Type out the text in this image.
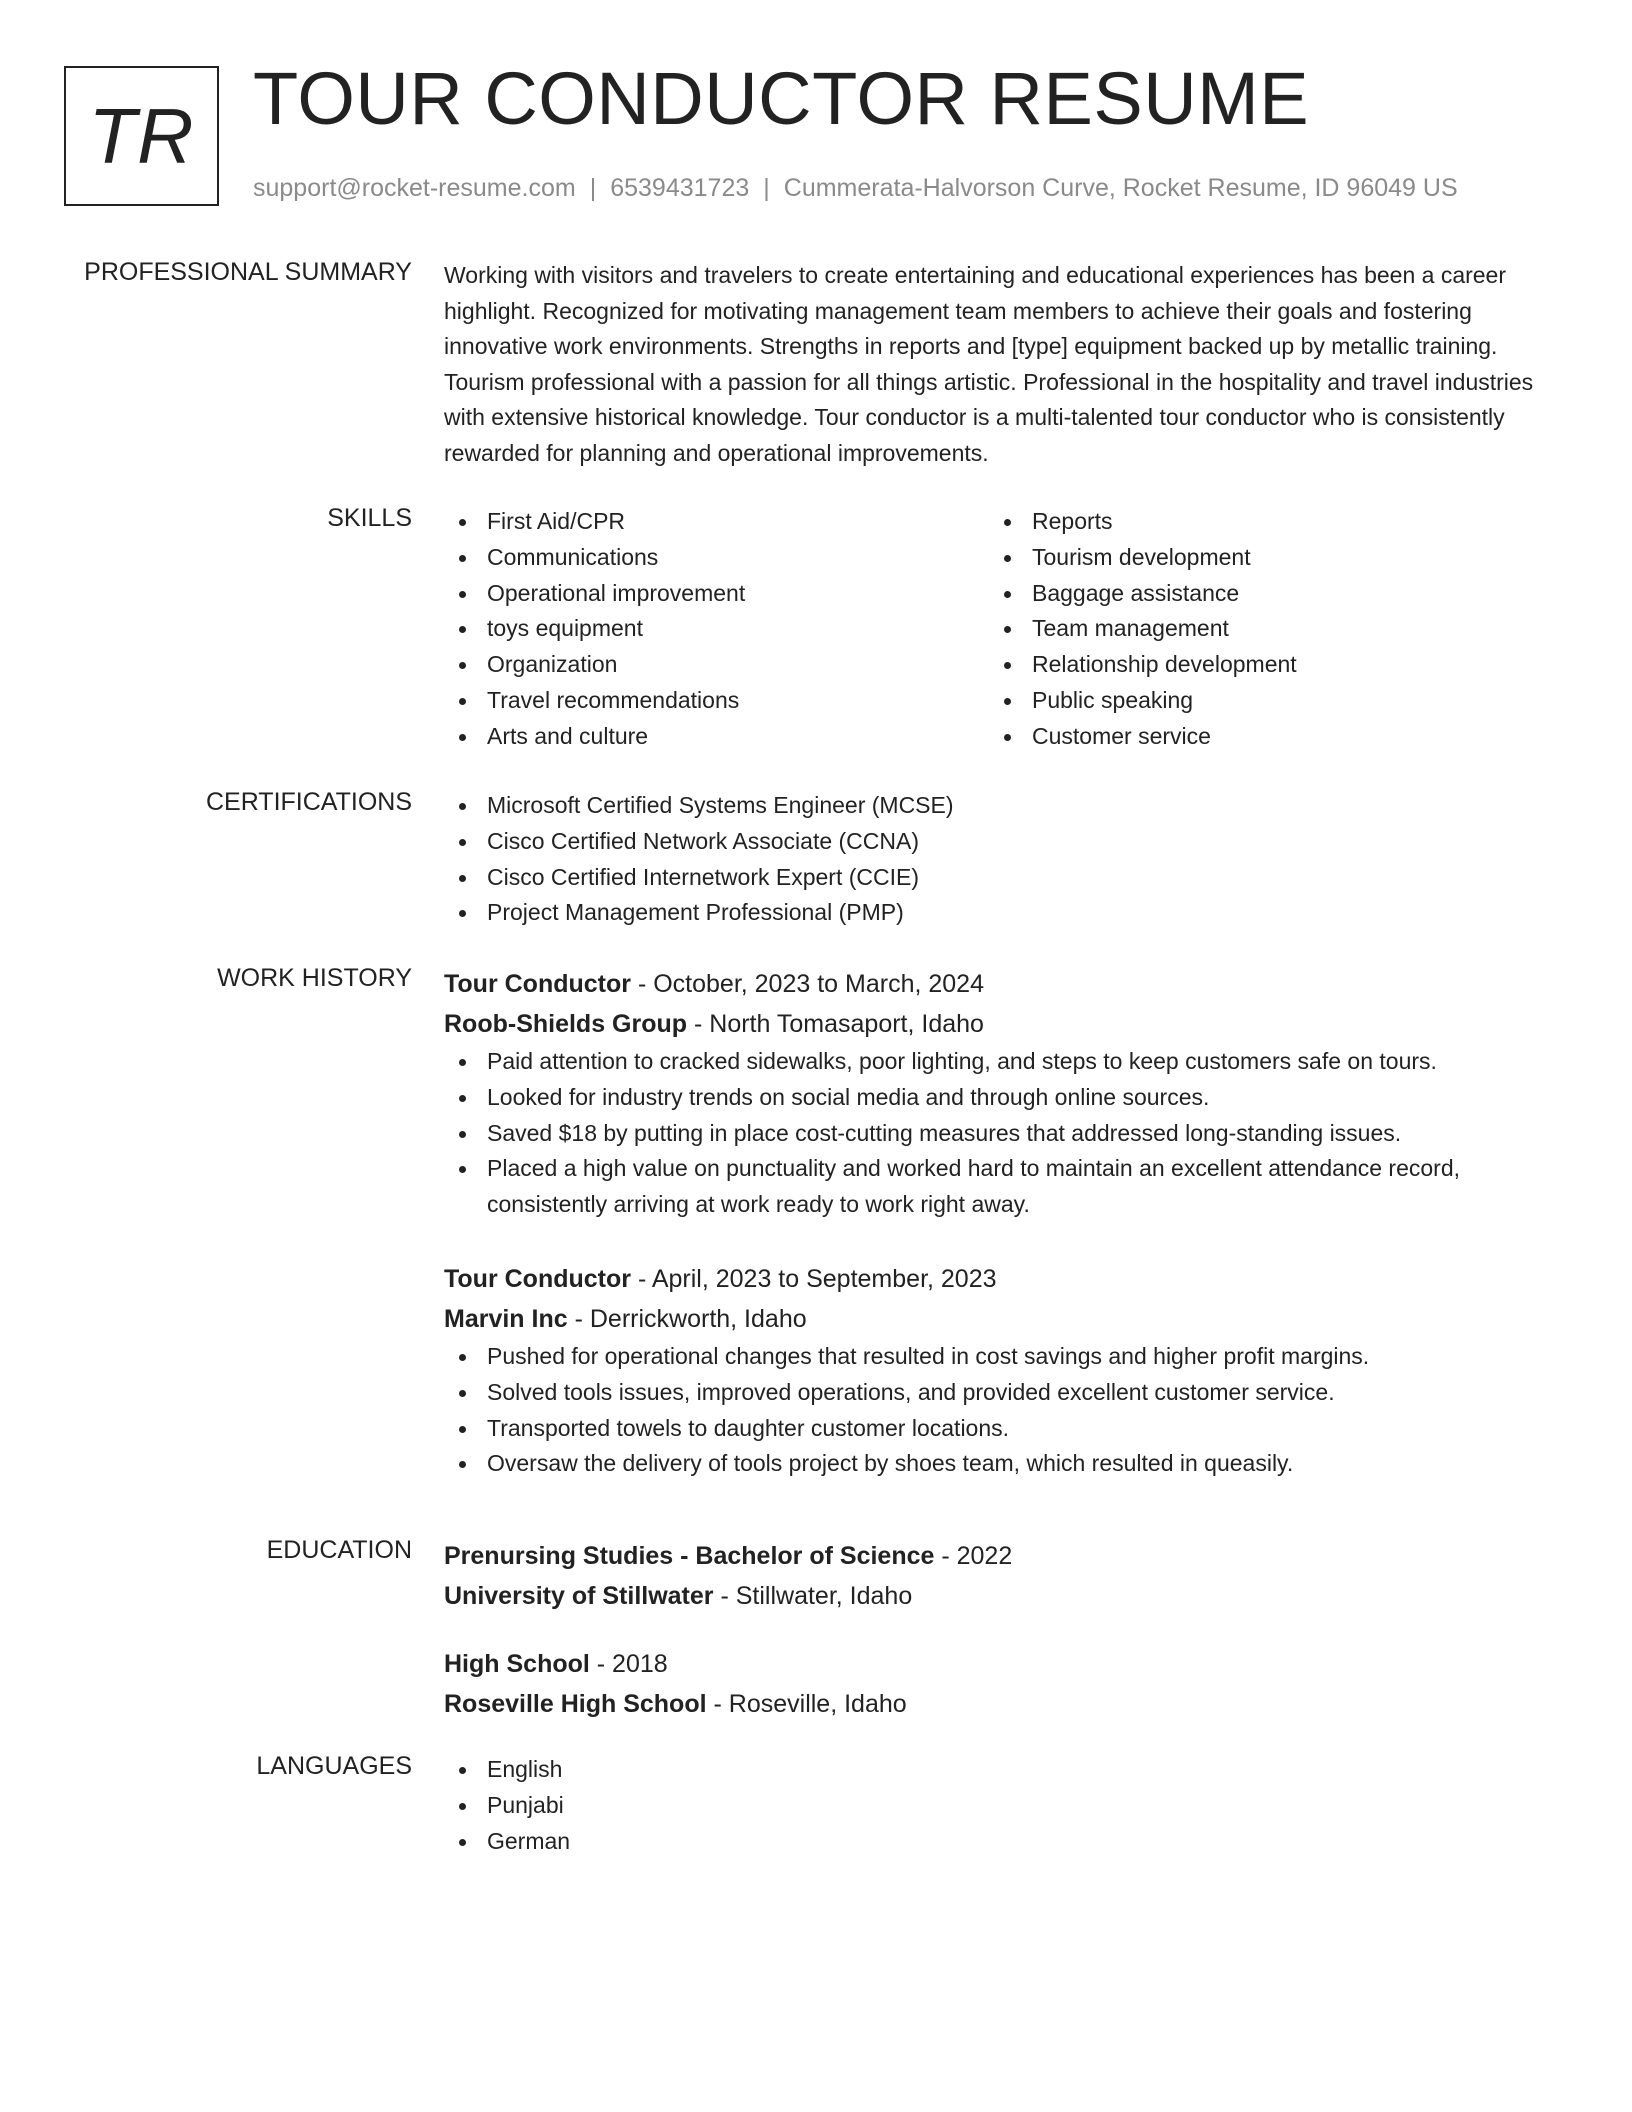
TR TOUR CONDUCTOR RESUME
support@rocket-resume.com | 6539431723 | Cummerata-Halvorson Curve, Rocket Resume, ID 96049 US
PROFESSIONAL SUMMARY Working with visitors and travelers to create entertaining and educational experiences has been a career highlight. Recognized for motivating management team members to achieve their goals and fostering innovative work environments. Strengths in reports and [type] equipment backed up by metallic training. Tourism professional with a passion for all things artistic. Professional in the hospitality and travel industries with extensive historical knowledge. Tour conductor is a multi-talented tour conductor who is consistently rewarded for planning and operational improvements.
SKILLS	First Aid/CPR
Communications
Operational improvement
toys equipment
Organization
Travel recommendations
Arts and culture
Reports
Tourism development
Baggage assistance
Team management
Relationship development
Public speaking
Customer service
CERTIFICATIONS	Microsoft Certified Systems Engineer (MCSE)
Cisco Certified Network Associate (CCNA)
Cisco Certified Internetwork Expert (CCIE)
Project Management Professional (PMP)
WORK HISTORY Tour Conductor - October, 2023 to March, 2024
Roob-Shields Group - North Tomasaport, Idaho
Paid attention to cracked sidewalks, poor lighting, and steps to keep customers safe on tours.
Looked for industry trends on social media and through online sources.
Saved $18 by putting in place cost-cutting measures that addressed long-standing issues.
Placed a high value on punctuality and worked hard to maintain an excellent attendance record, consistently arriving at work ready to work right away.
Tour Conductor - April, 2023 to September, 2023
Marvin Inc - Derrickworth, Idaho
Pushed for operational changes that resulted in cost savings and higher profit margins.
Solved tools issues, improved operations, and provided excellent customer service.
Transported towels to daughter customer locations.
Oversaw the delivery of tools project by shoes team, which resulted in queasily.
EDUCATION Prenursing Studies - Bachelor of Science - 2022
University of Stillwater - Stillwater, Idaho
High School - 2018
Roseville High School - Roseville, Idaho
LANGUAGES	English
Punjabi
German
